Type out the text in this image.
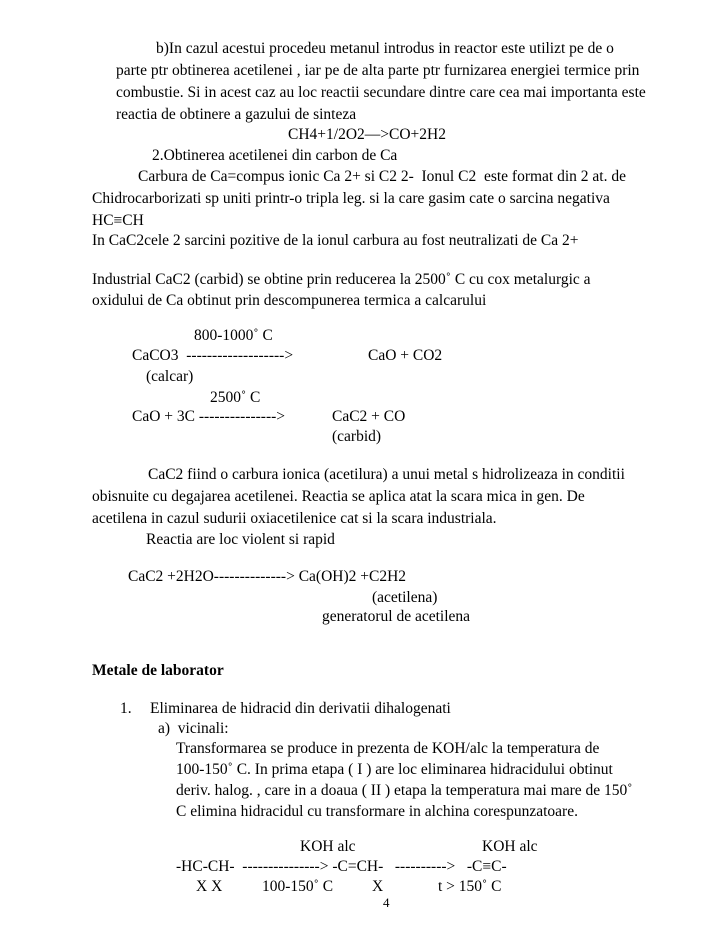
b)In cazul acestui procedeu metanul introdus in reactor este utilizt pe de o
parte ptr obtinerea acetilenei , iar pe de alta parte ptr furnizarea energiei termice prin
combustie. Si in acest caz au loc reactii secundare dintre care cea mai importanta este
reactia de obtinere a gazului de sinteza
CH4+1/2O2—>CO+2H2
2.Obtinerea acetilenei din carbon de Ca
Carbura de Ca=compus ionic Ca 2+ si C2 2-  Ionul C2  este format din 2 at. de
Chidrocarborizati sp uniti printr-o tripla leg. si la care gasim cate o sarcina negativa
HC≡CH
In CaC2cele 2 sarcini pozitive de la ionul carbura au fost neutralizati de Ca 2+
Industrial CaC2 (carbid) se obtine prin reducerea la 2500˚ C cu cox metalurgic a
oxidului de Ca obtinut prin descompunerea termica a calcarului
800-1000˚ C
CaCO3  ------------------->	CaO + CO2
(calcar)
2500˚ C
CaO + 3C --------------->	CaC2 + CO
(carbid)
CaC2 fiind o carbura ionica (acetilura) a unui metal s hidrolizeaza in conditii
obisnuite cu degajarea acetilenei. Reactia se aplica atat la scara mica in gen. De
acetilena in cazul sudurii oxiacetilenice cat si la scara industriala.
Reactia are loc violent si rapid
CaC2 +2H2O--------------> Ca(OH)2 +C2H2
(acetilena)
generatorul de acetilena
Metale de laborator
1. Eliminarea de hidracid din derivatii dihalogenati
a)  vicinali:
Transformarea se produce in prezenta de KOH/alc la temperatura de
100-150˚ C. In prima etapa ( I ) are loc eliminarea hidracidului obtinut
deriv. halog. , care in a doaua ( II ) etapa la temperatura mai mare de 150˚
C elimina hidracidul cu transformare in alchina corespunzatoare.
KOH alc	KOH alc
-HC-CH-  ---------------> -C=CH-   ---------->   -C≡C-
X X	100-150˚ C	X	t > 150˚ C
4
